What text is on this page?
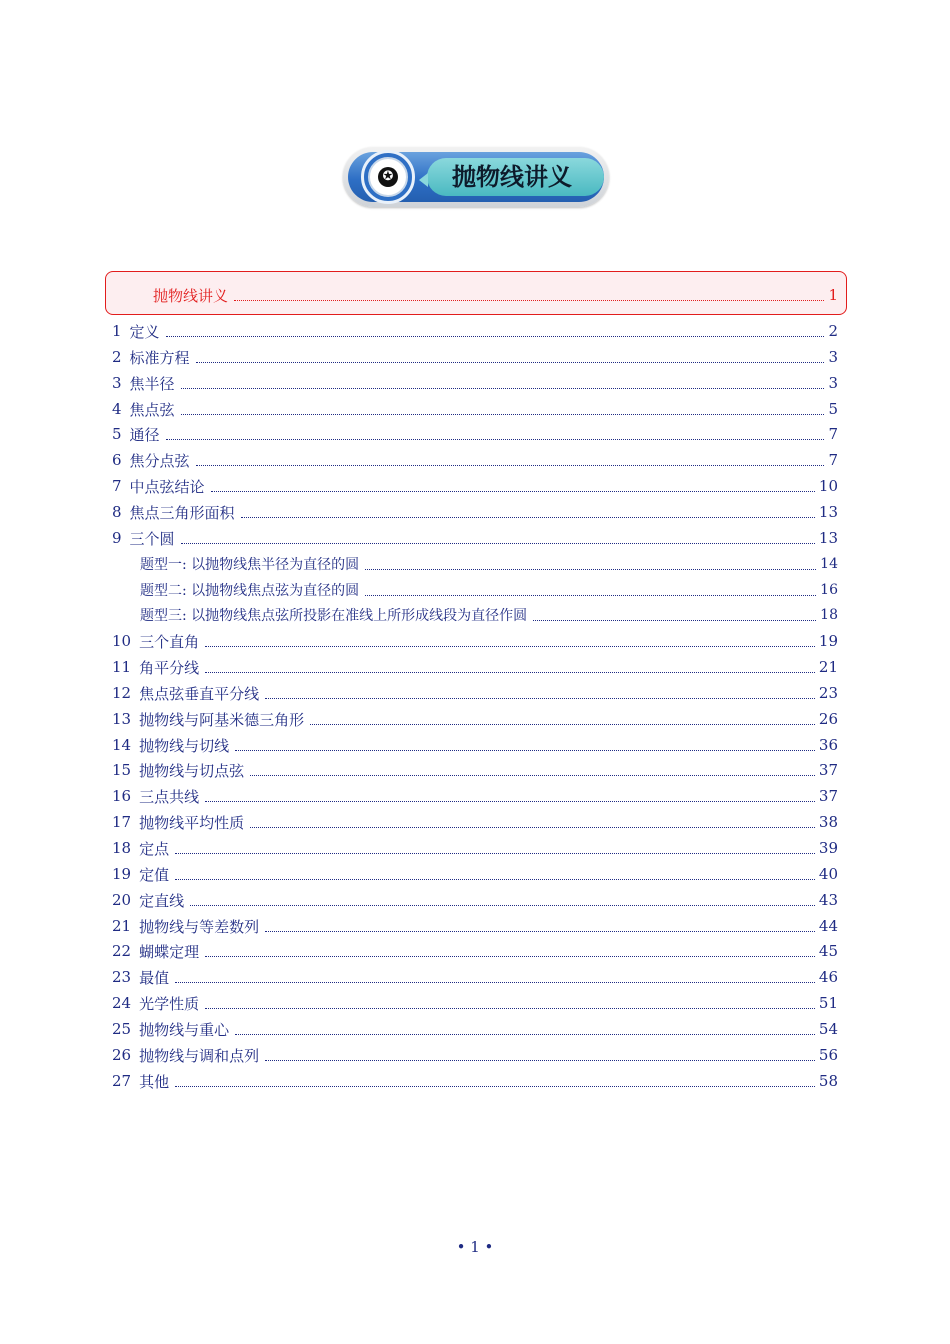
✪	抛物线讲义
抛物线讲义	1
1 定义	2
2 标准方程	3
3 焦半径	3
4 焦点弦	5
5 通径	7
6 焦分点弦	7
7 中点弦结论	10
8 焦点三角形面积	13
9 三个圆	13
题型一: 以抛物线焦半径为直径的圆	14
题型二: 以抛物线焦点弦为直径的圆	16
题型三: 以抛物线焦点弦所投影在准线上所形成线段为直径作圆	18
10 三个直角	19
11 角平分线	21
12 焦点弦垂直平分线	23
13 抛物线与阿基米德三角形	26
14 抛物线与切线	36
15 抛物线与切点弦	37
16 三点共线	37
17 抛物线平均性质	38
18 定点	39
19 定值	40
20 定直线	43
21 抛物线与等差数列	44
22 蝴蝶定理	45
23 最值	46
24 光学性质	51
25 抛物线与重心	54
26 抛物线与调和点列	56
27 其他	58
• 1 •
